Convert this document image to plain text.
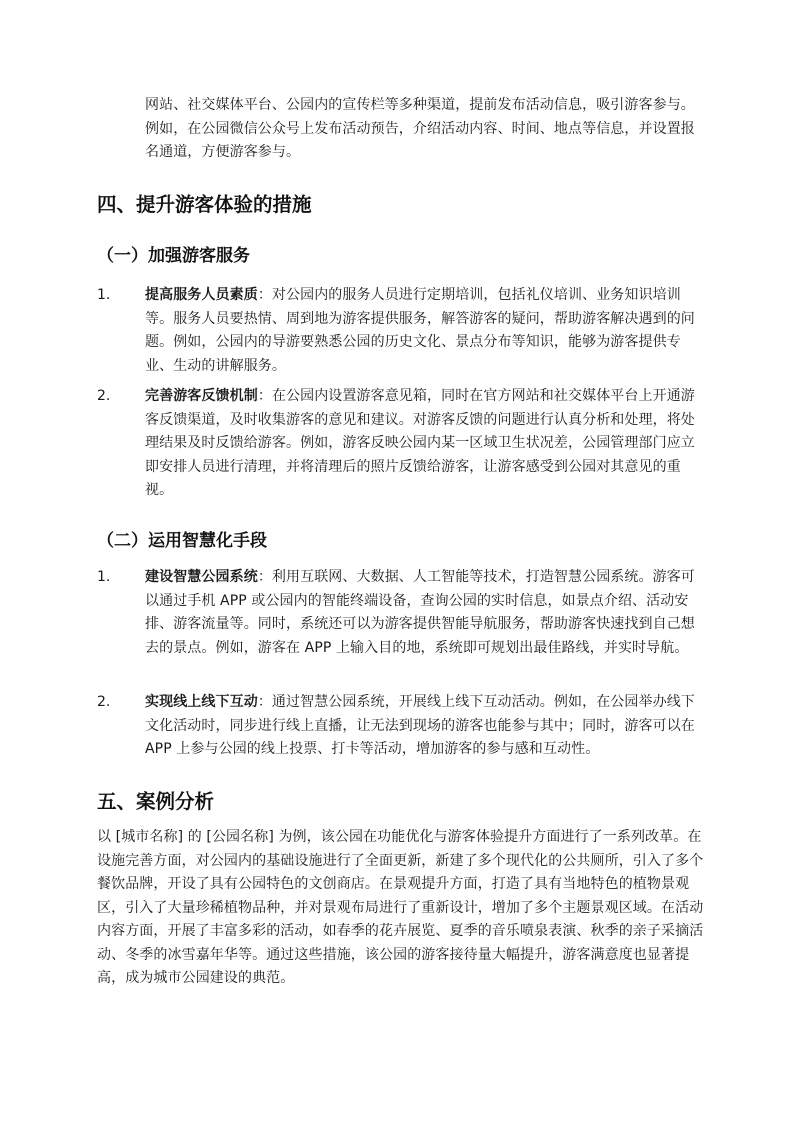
网站、社交媒体平台、公园内的宣传栏等多种渠道，提前发布活动信息，吸引游客参与。例如，在公园微信公众号上发布活动预告，介绍活动内容、时间、地点等信息，并设置报名通道，方便游客参与。

四、提升游客体验的措施
（一）加强游客服务
1.	提高服务人员素质：对公园内的服务人员进行定期培训，包括礼仪培训、业务知识培训等。服务人员要热情、周到地为游客提供服务，解答游客的疑问，帮助游客解决遇到的问题。例如，公园内的导游要熟悉公园的历史文化、景点分布等知识，能够为游客提供专业、生动的讲解服务。
2.	完善游客反馈机制：在公园内设置游客意见箱，同时在官方网站和社交媒体平台上开通游客反馈渠道，及时收集游客的意见和建议。对游客反馈的问题进行认真分析和处理，将处理结果及时反馈给游客。例如，游客反映公园内某一区域卫生状况差，公园管理部门应立即安排人员进行清理，并将清理后的照片反馈给游客，让游客感受到公园对其意见的重视。
（二）运用智慧化手段
1.	建设智慧公园系统：利用互联网、大数据、人工智能等技术，打造智慧公园系统。游客可以通过手机 APP 或公园内的智能终端设备，查询公园的实时信息，如景点介绍、活动安排、游客流量等。同时，系统还可以为游客提供智能导航服务，帮助游客快速找到自己想去的景点。例如，游客在 APP 上输入目的地，系统即可规划出最佳路线，并实时导航。
2.	实现线上线下互动：通过智慧公园系统，开展线上线下互动活动。例如，在公园举办线下文化活动时，同步进行线上直播，让无法到现场的游客也能参与其中；同时，游客可以在 APP 上参与公园的线上投票、打卡等活动，增加游客的参与感和互动性。
五、案例分析

以 [城市名称] 的 [公园名称] 为例，该公园在功能优化与游客体验提升方面进行了一系列改革。在设施完善方面，对公园内的基础设施进行了全面更新，新建了多个现代化的公共厕所，引入了多个餐饮品牌，开设了具有公园特色的文创商店。在景观提升方面，打造了具有当地特色的植物景观区，引入了大量珍稀植物品种，并对景观布局进行了重新设计，增加了多个主题景观区域。在活动内容方面，开展了丰富多彩的活动，如春季的花卉展览、夏季的音乐喷泉表演、秋季的亲子采摘活动、冬季的冰雪嘉年华等。通过这些措施，该公园的游客接待量大幅提升，游客满意度也显著提高，成为城市公园建设的典范。
